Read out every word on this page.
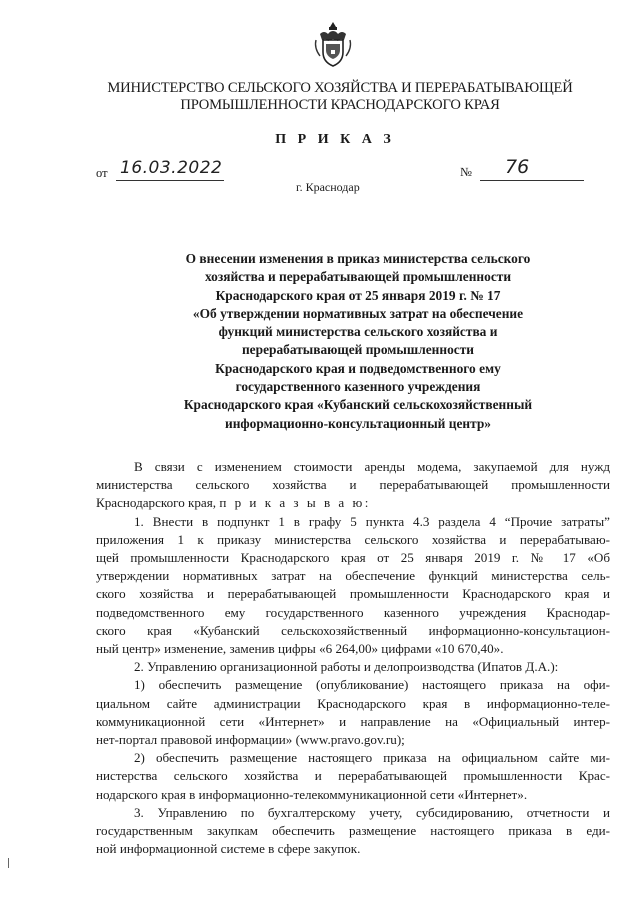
МИНИСТЕРСТВО СЕЛЬСКОГО ХОЗЯЙСТВА И ПЕРЕРАБАТЫВАЮЩЕЙ
ПРОМЫШЛЕННОСТИ КРАСНОДАРСКОГО КРАЯ
П Р И К А З
от 16.03.2022	№ 76
г. Краснодар
О внесении изменения в приказ министерства сельского
хозяйства и перерабатывающей промышленности
Краснодарского края от 25 января 2019 г. № 17
«Об утверждении нормативных затрат на обеспечение
функций министерства сельского хозяйства и
перерабатывающей промышленности
Краснодарского края и подведомственного ему
государственного казенного учреждения
Краснодарского края «Кубанский сельскохозяйственный
информационно-консультационный центр»
В связи с изменением стоимости аренды модема, закупаемой для нужд
министерства сельского хозяйства и перерабатывающей промышленности
Краснодарского края, п р и к а з ы в а ю:
1. Внести в подпункт 1 в графу 5 пункта 4.3 раздела 4 “Прочие затраты”
приложения 1 к приказу министерства сельского хозяйства и перерабатываю-
щей промышленности Краснодарского края от 25 января 2019 г. № 17 «Об
утверждении нормативных затрат на обеспечение функций министерства сель-
ского хозяйства и перерабатывающей промышленности Краснодарского края и
подведомственного ему государственного казенного учреждения Краснодар-
ского края «Кубанский сельскохозяйственный информационно-консультацион-
ный центр» изменение, заменив цифры «6 264,00» цифрами «10 670,40».
2. Управлению организационной работы и делопроизводства (Ипатов Д.А.):
1) обеспечить размещение (опубликование) настоящего приказа на офи-
циальном сайте администрации Краснодарского края в информационно-теле-
коммуникационной сети «Интернет» и направление на «Официальный интер-
нет-портал правовой информации» (www.pravo.gov.ru);
2) обеспечить размещение настоящего приказа на официальном сайте ми-
нистерства сельского хозяйства и перерабатывающей промышленности Крас-
нодарского края в информационно-телекоммуникационной сети «Интернет».
3. Управлению по бухгалтерскому учету, субсидированию, отчетности и
государственным закупкам обеспечить размещение настоящего приказа в еди-
ной информационной системе в сфере закупок.
